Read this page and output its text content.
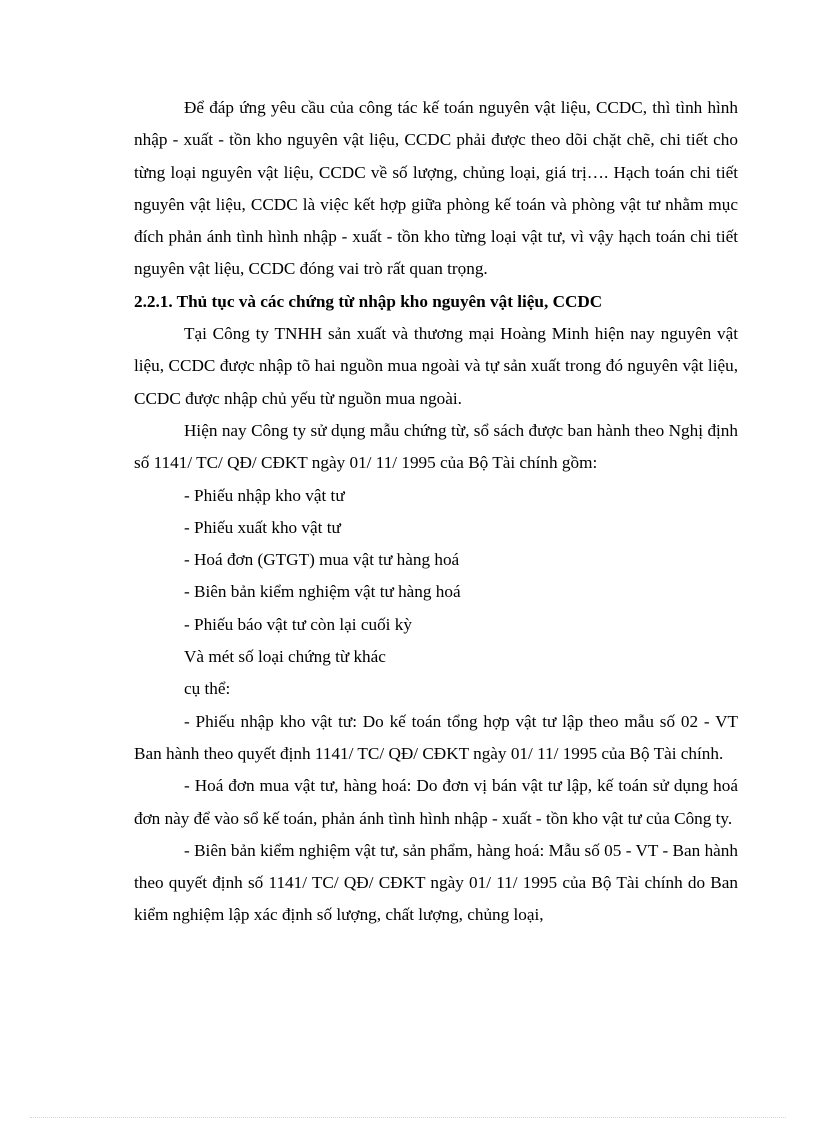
Để đáp ứng yêu cầu của công tác kế toán nguyên vật liệu, CCDC, thì tình hình nhập - xuất - tồn kho nguyên vật liệu, CCDC phải được theo dõi chặt chẽ, chi tiết cho từng loại nguyên vật liệu, CCDC về số lượng, chủng loại, giá trị…. Hạch toán chi tiết nguyên vật liệu, CCDC là việc kết hợp giữa phòng kế toán và phòng vật tư nhằm mục đích phản ánh tình hình nhập - xuất - tồn kho từng loại vật tư, vì vậy hạch toán chi tiết nguyên vật liệu, CCDC đóng vai trò rất quan trọng.

2.2.1. Thủ tục và các chứng từ nhập kho nguyên vật liệu, CCDC

Tại Công ty TNHH sản xuất và thương mại Hoàng Minh hiện nay nguyên vật liệu, CCDC được nhập tõ hai nguồn mua ngoài và tự sản xuất trong đó nguyên vật liệu, CCDC được nhập chủ yếu từ nguồn mua ngoài.

Hiện nay Công ty sử dụng mẫu chứng từ, sổ sách được ban hành theo Nghị định số 1141/ TC/ QĐ/ CĐKT ngày 01/ 11/ 1995 của Bộ Tài chính gồm:

- Phiếu nhập kho vật tư

- Phiếu xuất kho vật tư

- Hoá đơn (GTGT) mua vật tư hàng hoá

- Biên bản kiểm nghiệm vật tư hàng hoá

- Phiếu báo vật tư còn lại cuối kỳ

Và mét số loại chứng từ khác

cụ thể:

- Phiếu nhập kho vật tư: Do kế toán tổng hợp vật tư lập theo mẫu số 02 - VT Ban hành theo quyết định 1141/ TC/ QĐ/ CĐKT ngày 01/ 11/ 1995 của Bộ Tài chính.

- Hoá đơn mua vật tư, hàng hoá: Do đơn vị bán vật tư lập, kế toán sử dụng hoá đơn này để vào sổ kế toán, phản ánh tình hình nhập - xuất - tồn kho vật tư của Công ty.

- Biên bản kiểm nghiệm vật tư, sản phẩm, hàng hoá: Mẫu số 05 - VT - Ban hành theo quyết định số 1141/ TC/ QĐ/ CĐKT ngày 01/ 11/ 1995 của Bộ Tài chính do Ban kiểm nghiệm lập xác định số lượng, chất lượng, chủng loại,
